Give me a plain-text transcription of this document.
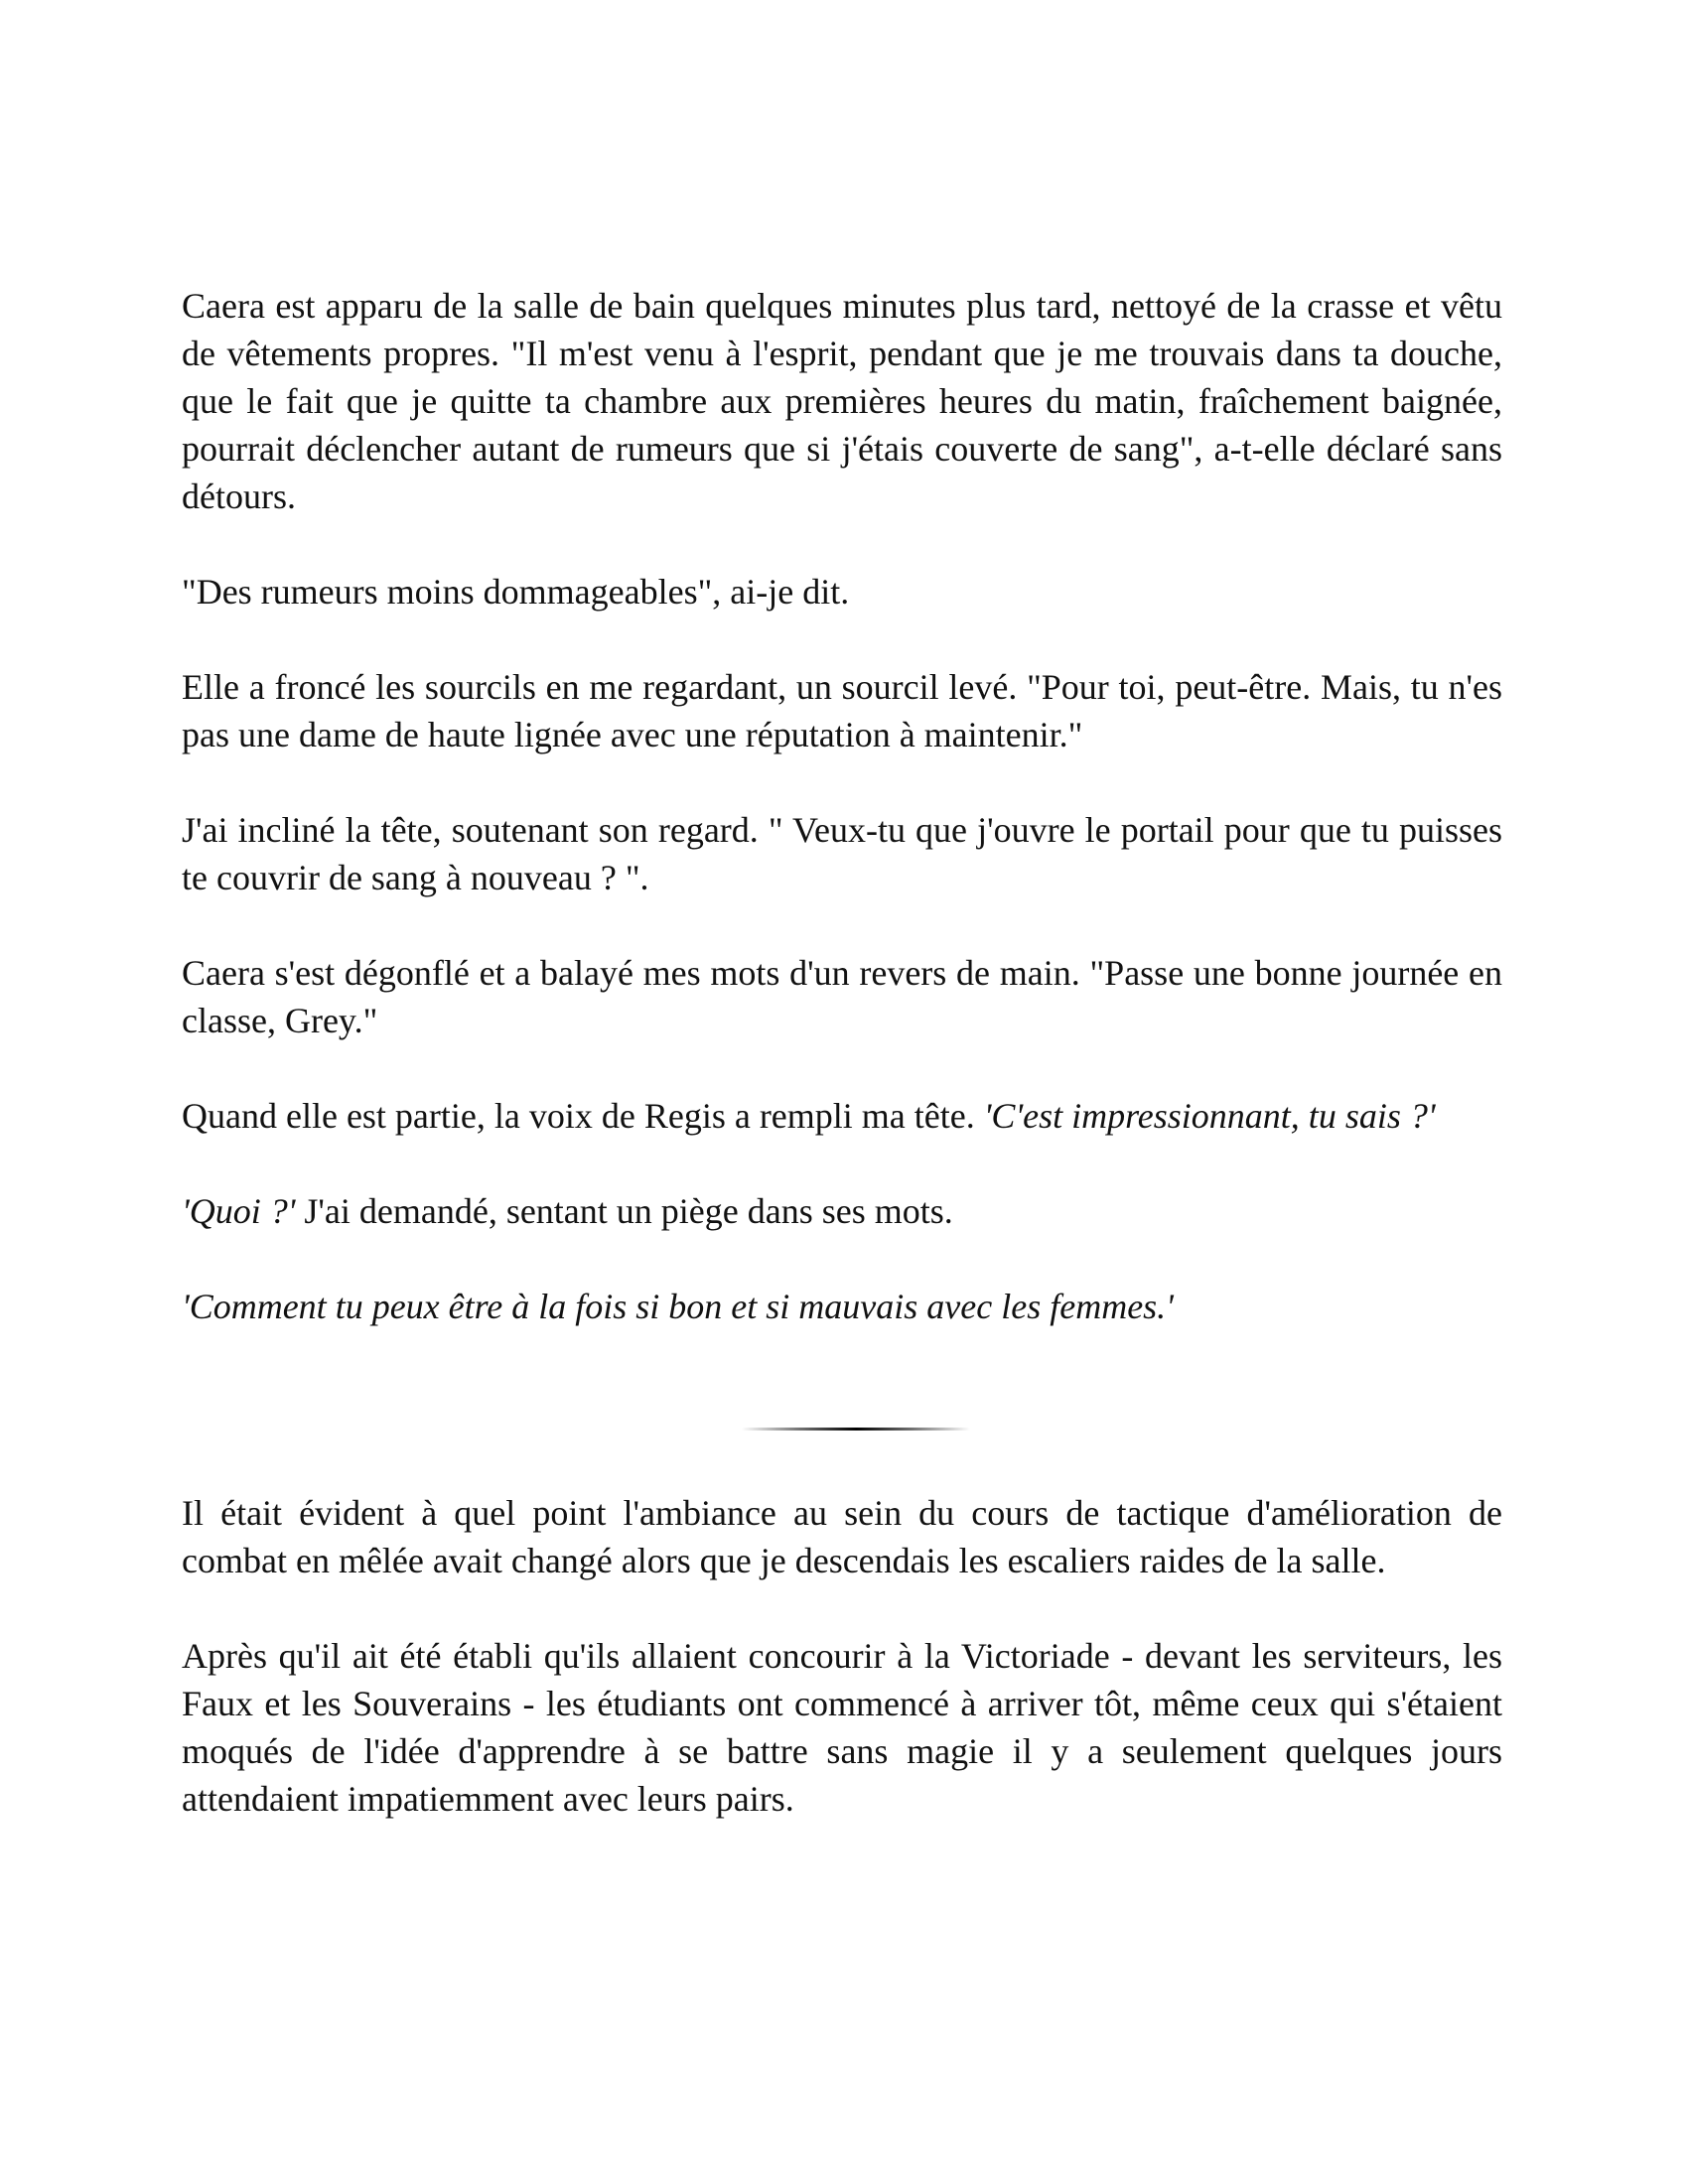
Caera est apparu de la salle de bain quelques minutes plus tard, nettoyé de la crasse et vêtu de vêtements propres. "Il m'est venu à l'esprit, pendant que je me trouvais dans ta douche, que le fait que je quitte ta chambre aux premières heures du matin, fraîchement baignée, pourrait déclencher autant de rumeurs que si j'étais couverte de sang", a-t-elle déclaré sans détours.

"Des rumeurs moins dommageables", ai-je dit.

Elle a froncé les sourcils en me regardant, un sourcil levé. "Pour toi, peut-être. Mais, tu n'es pas une dame de haute lignée avec une réputation à maintenir."

J'ai incliné la tête, soutenant son regard. " Veux-tu que j'ouvre le portail pour que tu puisses te couvrir de sang à nouveau ? ".

Caera s'est dégonflé et a balayé mes mots d'un revers de main. "Passe une bonne journée en classe, Grey."

Quand elle est partie, la voix de Regis a rempli ma tête. 'C'est impressionnant, tu sais ?'

'Quoi ?' J'ai demandé, sentant un piège dans ses mots.

'Comment tu peux être à la fois si bon et si mauvais avec les femmes.'

Il était évident à quel point l'ambiance au sein du cours de tactique d'amélioration de combat en mêlée avait changé alors que je descendais les escaliers raides de la salle.

Après qu'il ait été établi qu'ils allaient concourir à la Victoriade - devant les serviteurs, les Faux et les Souverains - les étudiants ont commencé à arriver tôt, même ceux qui s'étaient moqués de l'idée d'apprendre à se battre sans magie il y a seulement quelques jours attendaient impatiemment avec leurs pairs.
